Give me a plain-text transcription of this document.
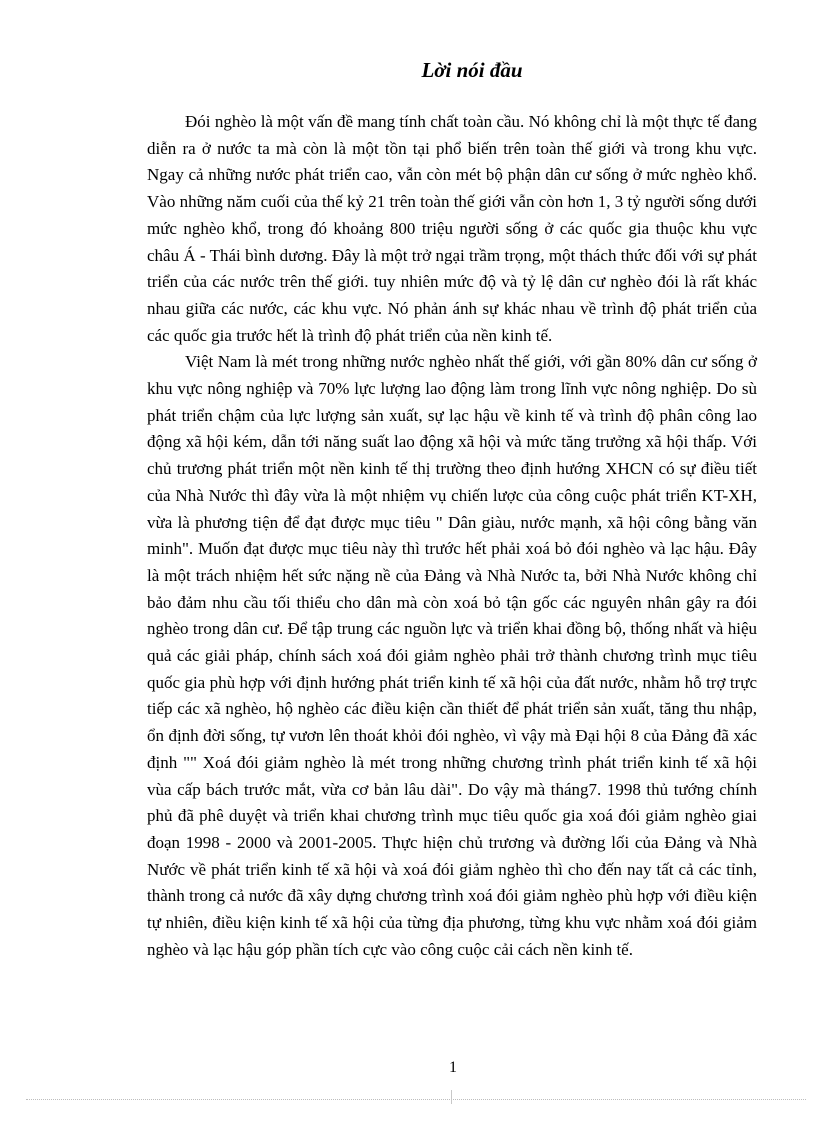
Lời nói đầu

Đói nghèo là một vấn đề mang tính chất toàn cầu. Nó không chỉ là một thực tế đang diễn ra ở nước ta mà còn là một tồn tại phổ biến trên toàn thế giới và trong khu vực. Ngay cả những nước phát triển cao, vẫn còn mét bộ phận dân cư sống ở mức nghèo khổ. Vào những năm cuối của thế kỷ 21 trên toàn thế giới vẫn còn hơn 1, 3 tỷ người sống dưới mức nghèo khổ, trong đó khoảng 800 triệu người sống ở các quốc gia thuộc khu vực châu Á - Thái bình dương. Đây là một trở ngại trầm trọng, một thách thức đối với sự phát triển của các nước trên thế giới. tuy nhiên mức độ và tỷ lệ dân cư nghèo đói là rất khác nhau giữa các nước, các khu vực. Nó phản ánh sự khác nhau về trình độ phát triển của các quốc gia trước hết là trình độ phát triển của nền kinh tế.

Việt Nam là mét trong những nước nghèo nhất thế giới, với gần 80% dân cư sống ở khu vực nông nghiệp và 70% lực lượng lao động làm trong lĩnh vực nông nghiệp. Do sù phát triển chậm của lực lượng sản xuất, sự lạc hậu về kinh tế và trình độ phân công lao động xã hội kém, dẫn tới năng suất lao động xã hội và mức tăng trưởng xã hội thấp. Với chủ trương phát triển một nền kinh tế thị trường theo định hướng XHCN có sự điều tiết của Nhà Nước thì đây vừa là một nhiệm vụ chiến lược của công cuộc phát triển KT-XH, vừa là phương tiện để đạt được mục tiêu " Dân giàu, nước mạnh, xã hội công bằng văn minh". Muốn đạt được mục tiêu này thì trước hết phải xoá bỏ đói nghèo và lạc hậu. Đây là một trách nhiệm hết sức nặng nề của Đảng và Nhà Nước ta, bởi Nhà Nước không chỉ bảo đảm nhu cầu tối thiểu cho dân mà còn xoá bỏ tận gốc các nguyên nhân gây ra đói nghèo trong dân cư. Để tập trung các nguồn lực và triển khai đồng bộ, thống nhất và hiệu quả các giải pháp, chính sách xoá đói giảm nghèo phải trở thành chương trình mục tiêu quốc gia phù hợp với định hướng phát triển kinh tế xã hội của đất nước, nhằm hỗ trợ trực tiếp các xã nghèo, hộ nghèo các điều kiện cần thiết để phát triển sản xuất, tăng thu nhập, ổn định đời sống, tự vươn lên thoát khỏi đói nghèo, vì vậy mà Đại hội 8 của Đảng đã xác định "" Xoá đói giảm nghèo là mét trong những chương trình phát triển kinh tế xã hội vùa cấp bách trước mắt, vừa cơ bản lâu dài". Do vậy mà tháng7. 1998 thủ tướng chính phủ đã phê duyệt và triển khai chương trình mục tiêu quốc gia xoá đói giảm nghèo giai đoạn 1998 - 2000 và 2001-2005. Thực hiện chủ trương và đường lối của Đảng và Nhà Nước về phát triển kinh tế xã hội và xoá đói giảm nghèo thì cho đến nay tất cả các tỉnh, thành trong cả nước đã xây dựng chương trình xoá đói giảm nghèo phù hợp với điều kiện tự nhiên, điều kiện kinh tế xã hội của từng địa phương, từng khu vực nhằm xoá đói giảm nghèo và lạc hậu góp phần tích cực vào công cuộc cải cách nền kinh tế.

1
